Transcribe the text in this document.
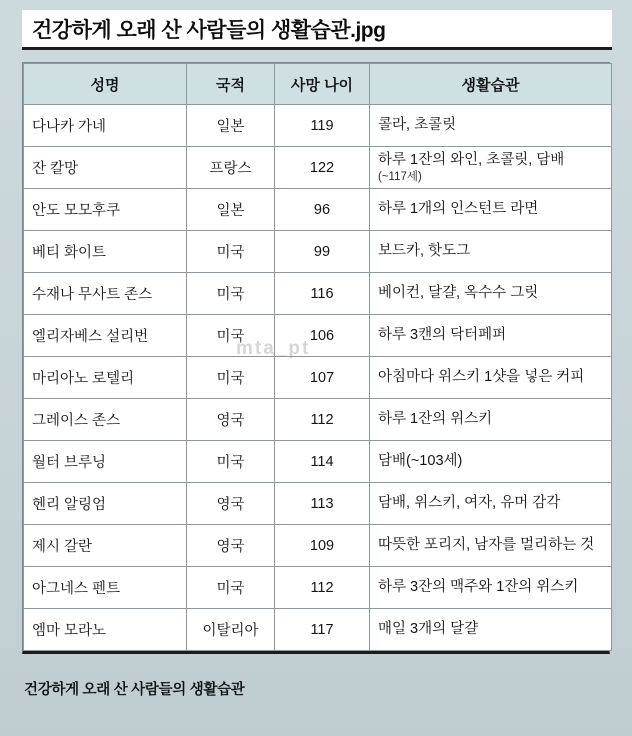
건강하게 오래 산 사람들의 생활습관.jpg
성명	국적	사망 나이	생활습관
다나카 가네	일본	119	콜라, 초콜릿
잔 칼망	프랑스	122	하루 1잔의 와인, 초콜릿, 담배
(~117세)

안도 모모후쿠	일본	96	하루 1개의 인스턴트 라면
베티 화이트	미국	99	보드카, 핫도그
수재나 무사트 존스	미국	116	베이컨, 달걀, 옥수수 그릿
엘리자베스 설리번	미국	106	하루 3캔의 닥터페퍼
마리아노 로텔리	미국	107	아침마다 위스키 1샷을 넣은 커피
그레이스 존스	영국	112	하루 1잔의 위스키
월터 브루닝	미국	114	담배(~103세)
헨리 알링엄	영국	113	담배, 위스키, 여자, 유머 감각
제시 갈란	영국	109	따뜻한 포리지, 남자를 멀리하는 것
아그네스 펜트	미국	112	하루 3잔의 맥주와 1잔의 위스키
엠마 모라노	이탈리아	117	매일 3개의 달걀
mta_pt
건강하게 오래 산 사람들의 생활습관
